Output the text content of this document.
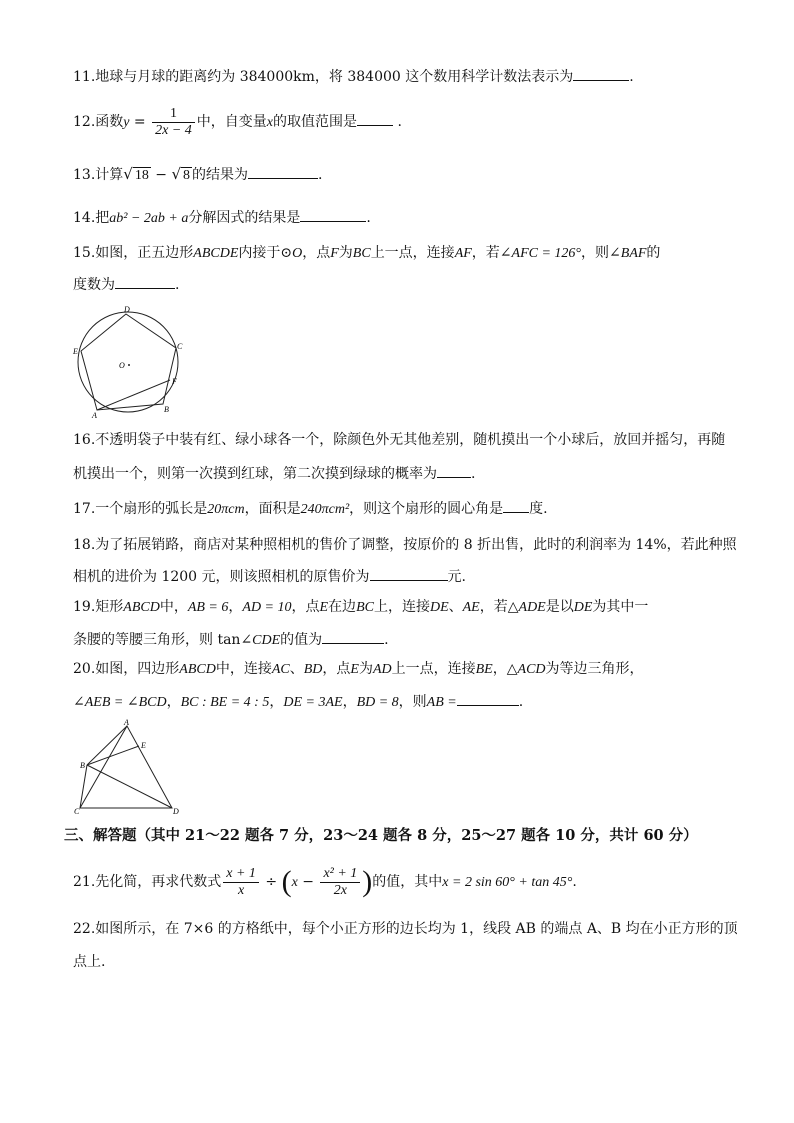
11.地球与月球的距离约为 384000km，将 384000 这个数用科学计数法表示为	.
12.函数$y = \frac{1}{2x - 4}$ 中，自变量x的取值范围是	.
13.计算√ 18 − √ 8 的结果为	.
14.把ab² − 2ab + a分解因式的结果是	.
15.如图，正五边形ABCDE内接于⊙O，点F为BC上一点，连接AF，若∠AFC = 126°，则∠BAF的
度数为	.
D
C
E
O
F
A
B
16.不透明袋子中装有红、绿小球各一个，除颜色外无其他差别，随机摸出一个小球后，放回并摇匀，再随
机摸出一个，则第一次摸到红球，第二次摸到绿球的概率为 .
17.一个扇形的弧长是20πcm，面积是240πcm²，则这个扇形的圆心角是 度.
18.为了拓展销路，商店对某种照相机的售价了调整，按原价的 8 折出售，此时的利润率为 14%，若此种照
相机的进价为 1200 元，则该照相机的原售价为	元.
19.矩形ABCD中，AB = 6，AD = 10，点E在边BC上，连接DE、AE，若△ADE是以DE为其中一
条腰的等腰三角形，则 tan∠CDE的值为	.
20.如图，四边形ABCD中，连接AC、BD，点E为AD上一点，连接BE，△ACD为等边三角形，
∠AEB = ∠BCD，BC : BE = 4 : 5，DE = 3AE，BD = 8，则AB =	.
A
E
B
C	D
三、解答题（其中 21～22 题各 7 分，23～24 题各 8 分，25～27 题各 10 分，共计 60 分）
21.先化简，再求代数式 $\frac{x + 1}{x} \div (x - \frac{\text{x² + 1}}{2x}$ )的值，其中x = 2 sin 60° + tan 45°.
22.如图所示，在 7×6 的方格纸中，每个小正方形的边长均为 1，线段 AB 的端点 A、B 均在小正方形的顶
点上.
